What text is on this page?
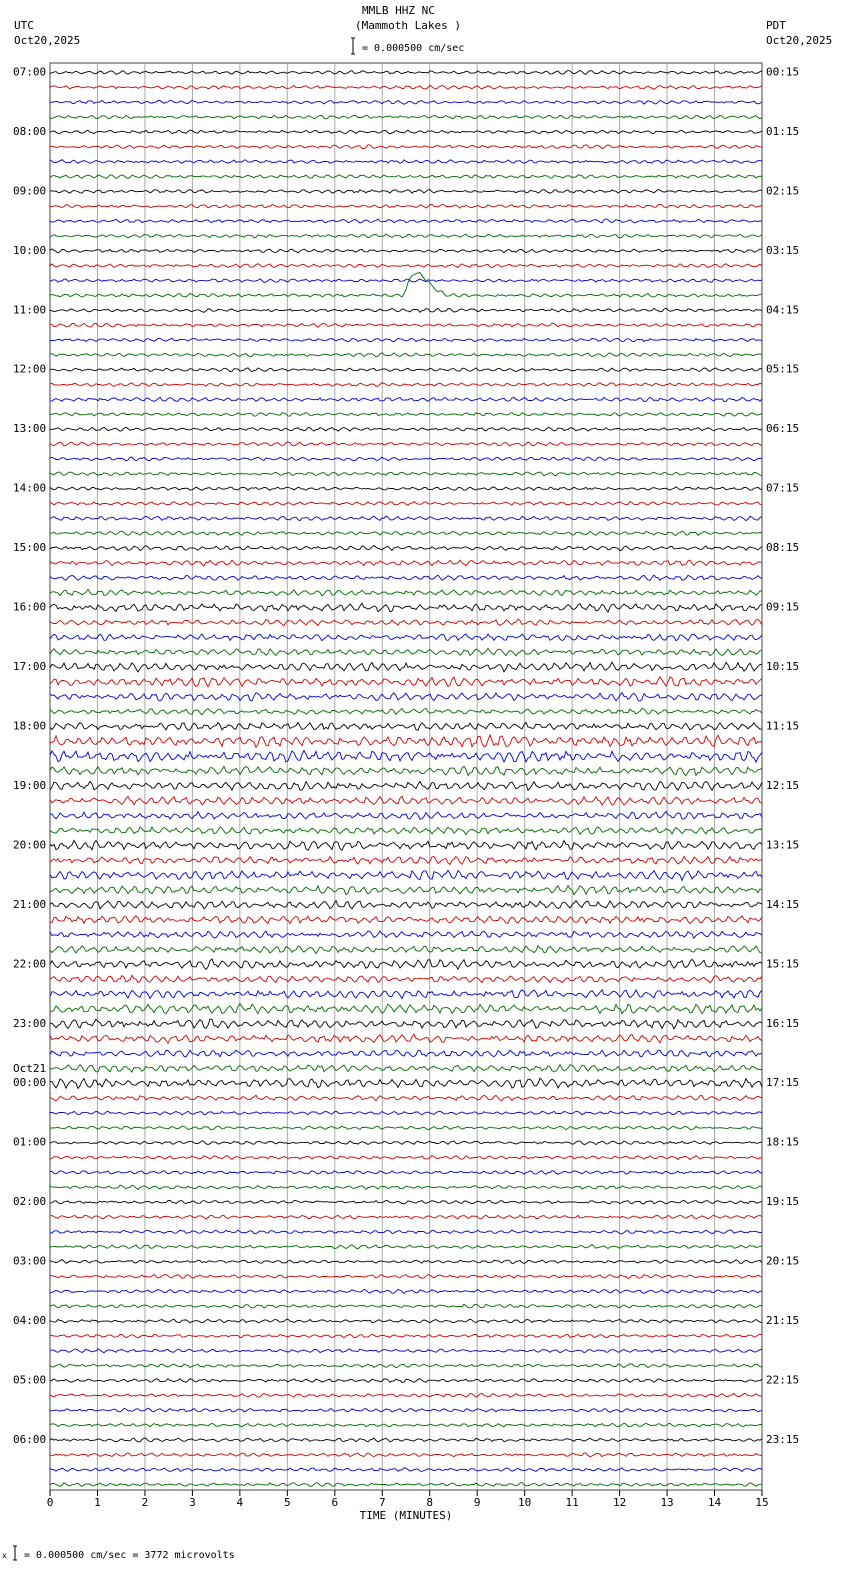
MMLB HHZ NC
(Mammoth Lakes )
UTC
Oct20,2025
PDT
Oct20,2025
= 0.000500 cm/sec
x = 0.000500 cm/sec = 3772 microvolts
0	1	2	3	4	5	6	7	8	9	10	11	12	13	14	15
TIME (MINUTES)
07:00
08:00
09:00
10:00
11:00
12:00
13:00
14:00
15:00
16:00
17:00
18:00
19:00
20:00
21:00
22:00
23:00
00:00
Oct21
01:00
02:00
03:00
04:00
05:00
06:00
00:15
01:15
02:15
03:15
04:15
05:15
06:15
07:15
08:15
09:15
10:15
11:15
12:15
13:15
14:15
15:15
16:15
17:15
18:15
19:15
20:15
21:15
22:15
23:15
